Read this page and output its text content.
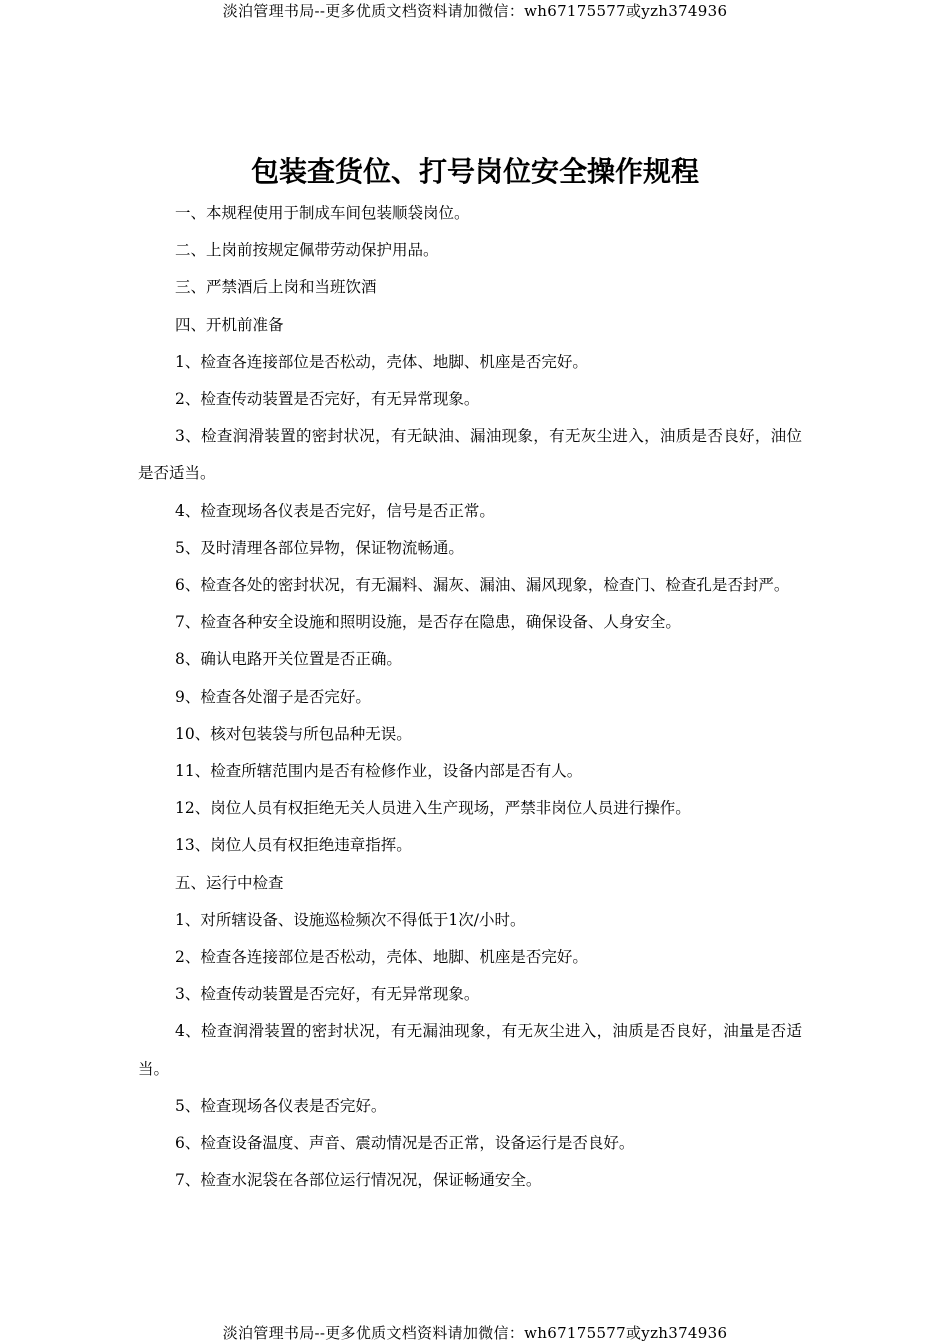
淡泊管理书局--更多优质文档资料请加微信：wh67175577或yzh374936
包装查货位、打号岗位安全操作规程

一、本规程使用于制成车间包装顺袋岗位。

二、上岗前按规定佩带劳动保护用品。

三、严禁酒后上岗和当班饮酒

四、开机前准备

1、检查各连接部位是否松动，壳体、地脚、机座是否完好。

2、检查传动装置是否完好，有无异常现象。

3、检查润滑装置的密封状况，有无缺油、漏油现象，有无灰尘进入，油质是否良好，油位是否适当。

4、检查现场各仪表是否完好，信号是否正常。

5、及时清理各部位异物，保证物流畅通。

6、检查各处的密封状况，有无漏料、漏灰、漏油、漏风现象，检查门、检查孔是否封严。

7、检查各种安全设施和照明设施，是否存在隐患，确保设备、人身安全。

8、确认电路开关位置是否正确。

9、检查各处溜子是否完好。

10、核对包装袋与所包品种无误。

11、检查所辖范围内是否有检修作业，设备内部是否有人。

12、岗位人员有权拒绝无关人员进入生产现场，严禁非岗位人员进行操作。

13、岗位人员有权拒绝违章指挥。

五、运行中检查

1、对所辖设备、设施巡检频次不得低于1次/小时。

2、检查各连接部位是否松动，壳体、地脚、机座是否完好。

3、检查传动装置是否完好，有无异常现象。

4、检查润滑装置的密封状况，有无漏油现象，有无灰尘进入，油质是否良好，油量是否适当。

5、检查现场各仪表是否完好。

6、检查设备温度、声音、震动情况是否正常，设备运行是否良好。

7、检查水泥袋在各部位运行情况况，保证畅通安全。

淡泊管理书局--更多优质文档资料请加微信：wh67175577或yzh374936
